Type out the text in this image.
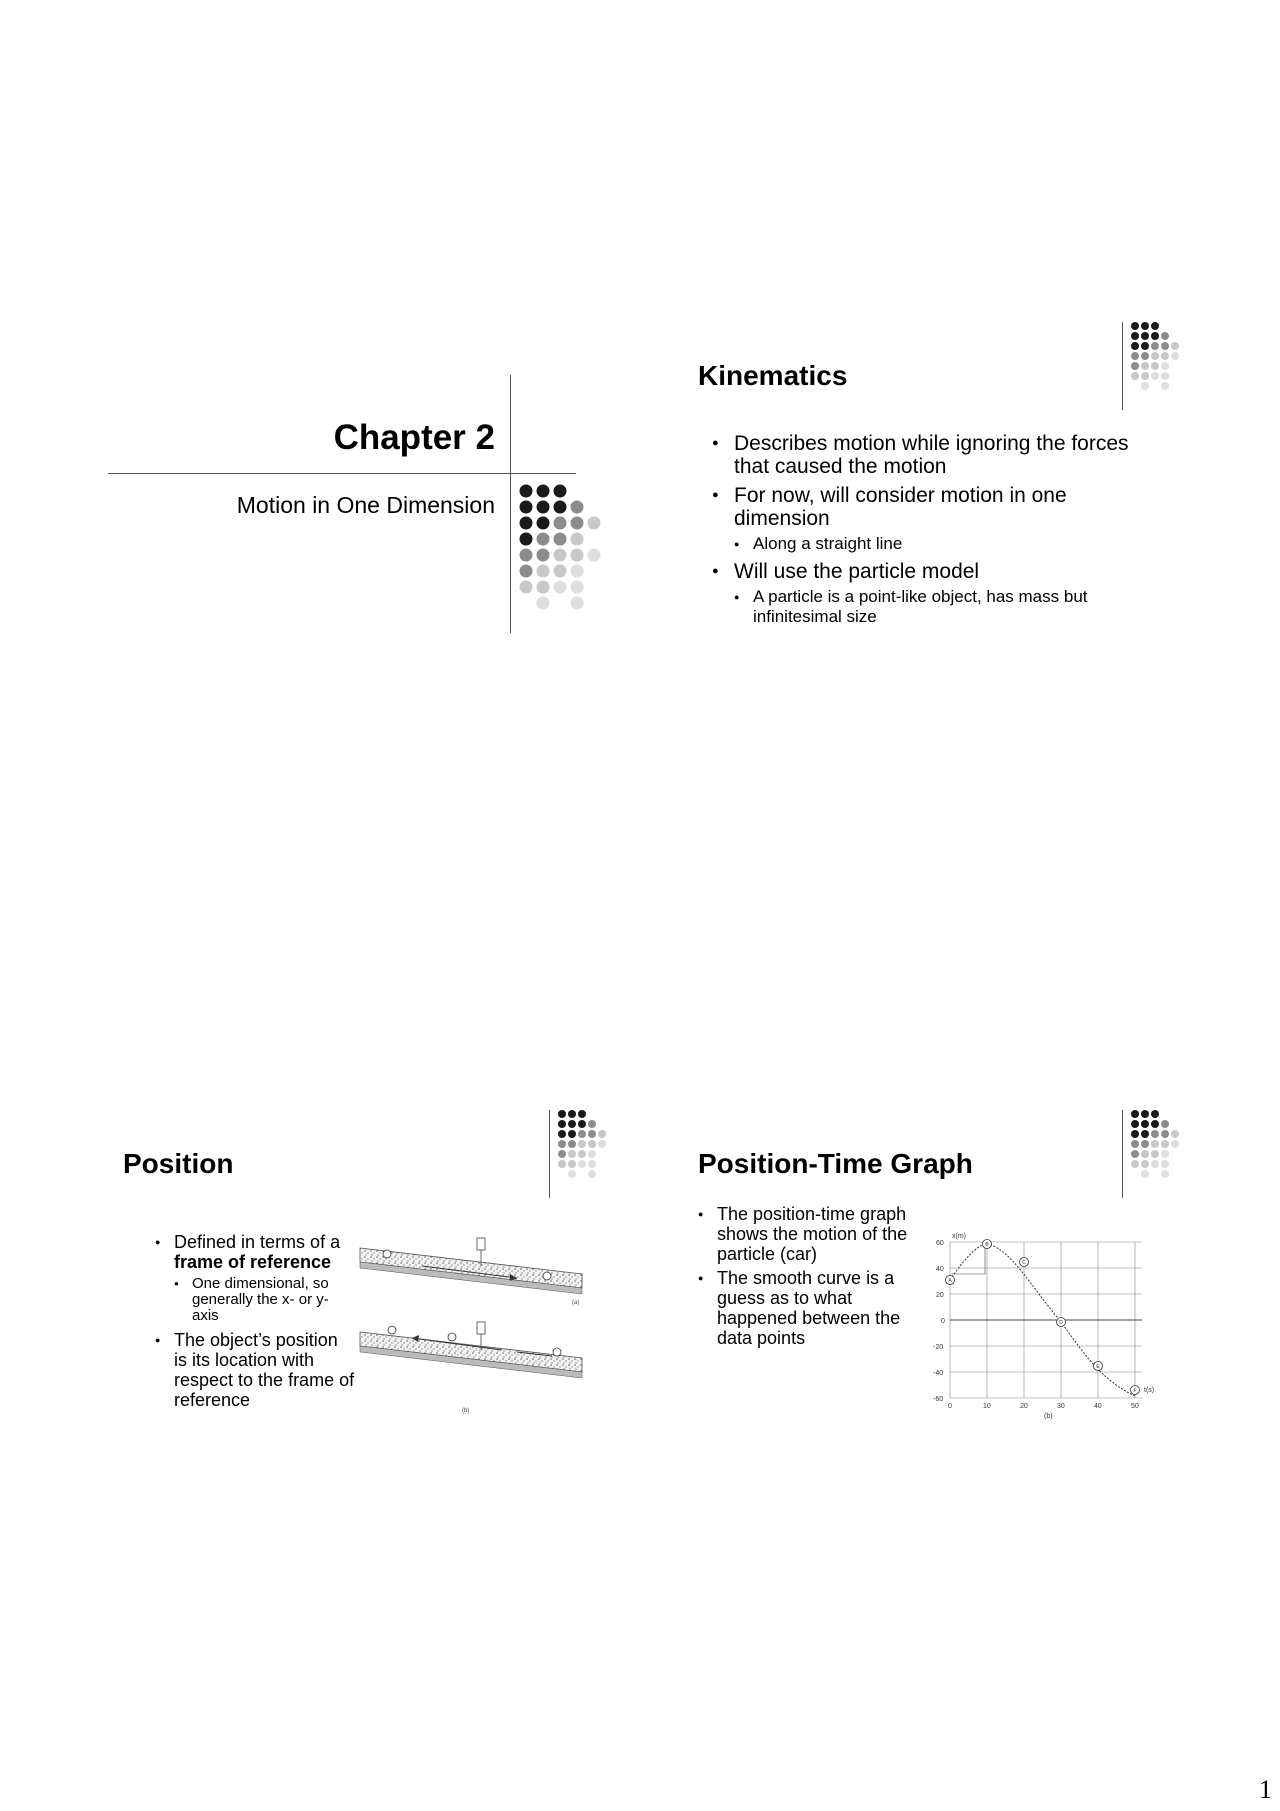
Chapter 2
Motion in One Dimension
Kinematics
● Describes motion while ignoring the forces that caused the motion
● For now, will consider motion in one dimension
● Along a straight line
● Will use the particle model
● A particle is a point-like object, has mass but infinitesimal size
Position
● Defined in terms of a frame of reference
● One dimensional, so generally the x- or y-axis
● The object’s position is its location with respect to the frame of reference
(a)
(b)
Position-Time Graph
● The position-time graph shows the motion of the particle (car)
● The smooth curve is a guess as to what happened between the data points
x(m)
t(s)
60
40
20
0
-20
-40
-60
0	10	20	30	40	50
(b)
A
B
C
D
E
F
1
